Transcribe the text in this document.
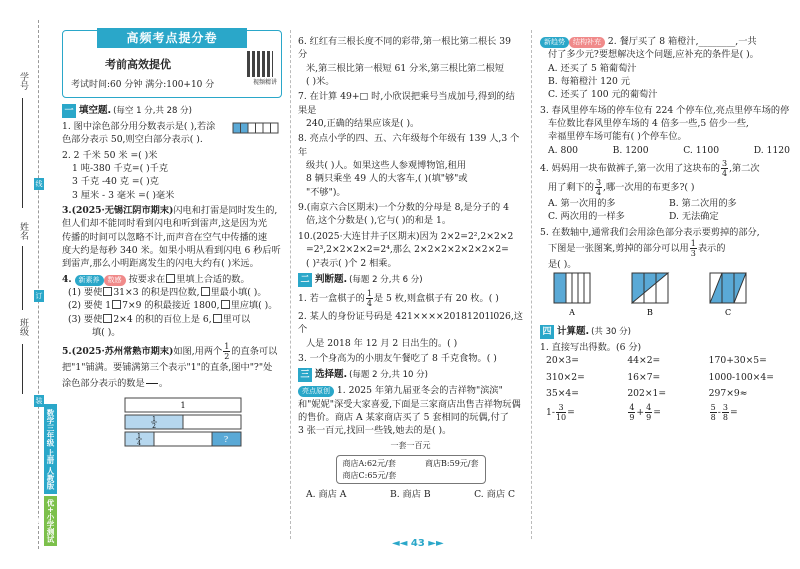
学号
姓名
班级
线
订
装
数学三年级 上册 人教版
优+小学测试卷
高频考点提分卷
考前高效提优
考试时间:60 分钟 满分:100+10 分	视频精讲
一 填空题. (每空 1 分,共 28 分)
1. 图中涂色部分用分数表示是( ),若涂
色部分表示 50,则空白部分表示( ).
2. 2 千米 50 米 =( )米
1 吨-380 千克=( )千克
3 千克 -40 克 =( )克
3 厘米 - 3 毫米 =( )毫米
3.(2025·无锡江阴市期末)闪电和打雷是同时发生的,
但人们却不能同时看到闪电和听到雷声,这是因为光
传播的时间可以忽略不计,而声音在空气中传播的速
度大约是每秒 340 米。如果小明从看到闪电 6 秒后听
到雷声,那么小明距离发生的闪电大约有( )米远。
4. 新素养 数感 按要求在 里填上合适的数。
(1) 要使 31×3 的积是四位数, 里最小填( )。
(2) 要使 1 7×9 的积最接近 1800, 里应填( )。
(3) 要使 2×4 的积的百位上是 6, 里可以
填( )。
5.(2025·苏州常熟市期末)如图,用两个 $\frac{1}{2}$ 的直条可以
把"1"铺满。要铺满第三个表示"1"的直条,图中"?"处
涂色部分表示的数是

。
1
1
2
1
4	?
6. 红红有三根长度不同的彩带,第一根比第二根长 39 分
米,第三根比第一根短 61 分米,第三根比第二根短
( )米。
7. 在计算 49+□ 时,小欣误把乘号当成加号,得到的结果是
240,正确的结果应该是( )。
8. 亮点小学的四、五、六年级每个年级有 139 人,3 个年
级共( )人。如果这些人参观博物馆,租用
8 辆只乘坐 49 人的大客车,( )(填"够"或
"不够")。
9.(南京六合区期末)一个分数的分母是 8,是分子的 4
倍,这个分数是( ),它与( )的和是 1。
10.(2025·大连甘井子区期末)因为 2×2=2²,2×2×2
=2³,2×2×2×2=2⁴,那么 2×2×2×2×2×2×2=
( )²表示( )个 2 相乘。
二 判断题. (每题 2 分,共 6 分)
1. 若一盒棋子的 $\frac{1}{4}$ 是 5 枚,则盒棋子有 20 枚。( )
2. 某人的身份证号码是 421××××20181201l026,这个
人是 2018 年 12 月 2 日出生的。( )
3. 一个身高为的小朋友午餐吃了 8 千克食物。( )
三 选择题. (每题 2 分,共 10 分)
亮点原创 1. 2025 年第九届亚冬会的吉祥物"滨滨"
和"妮妮"深受大家喜爱,下面是三家商店出售吉祥物玩偶
的售价。商店 A 某家商店买了 5 套相同的玩偶,付了
3 张一百元,找回一些钱,她去的是( )。
一套一百元
商店A:62元/套	商店B:59元/套
商店C:65元/套
A. 商店 A	B. 商店 B	C. 商店 C
新趋势 结构补充 2. 餐厅买了 8 箱橙汁,________,一共
付了多少元?要想解决这个问题,应补充的条件是( )。
A. 还买了 5 箱葡萄汁
B. 每箱橙汁 120 元
C. 还买了 100 元的葡萄汁
3. 春风里停车场的停车位有 224 个停车位,亮点里停车场的停
车位数比春风里停车场的 4 倍多一些,5 倍少一些,
幸福里停车场可能有( )个停车位。
A. 800	B. 1200	C. 1100	D. 1120
4. 妈妈用一块布做裤子,第一次用了这块布的 $\frac{3}{4}$ ,第二次
用了剩下的 $\frac{3}{4}$ ,哪一次用的布更多?( )
A. 第一次用的多	B. 第二次用的多
C. 两次用的一样多	D. 无法确定
5. 在数轴中,通常我们会用涂色部分表示要剪掉的部分,
下图是一张图案,剪掉的部分可以用 $\frac{1}{3}$ 表示的
是( )。
A	B	C
四 计算题. (共 30 分)
1. 直接写出得数。(6 分)
20×3=	44×2=	170+30×5=
310×2=	16×7=	1000-100×4=
35×4=	202×1=	297×9≈
$1- \frac{3}{10}$ =	$\frac{4}{9} + \frac{4}{9}$ =	$\frac{5}{8} - \frac{3}{8}$ =
◄◄ 43 ►►
